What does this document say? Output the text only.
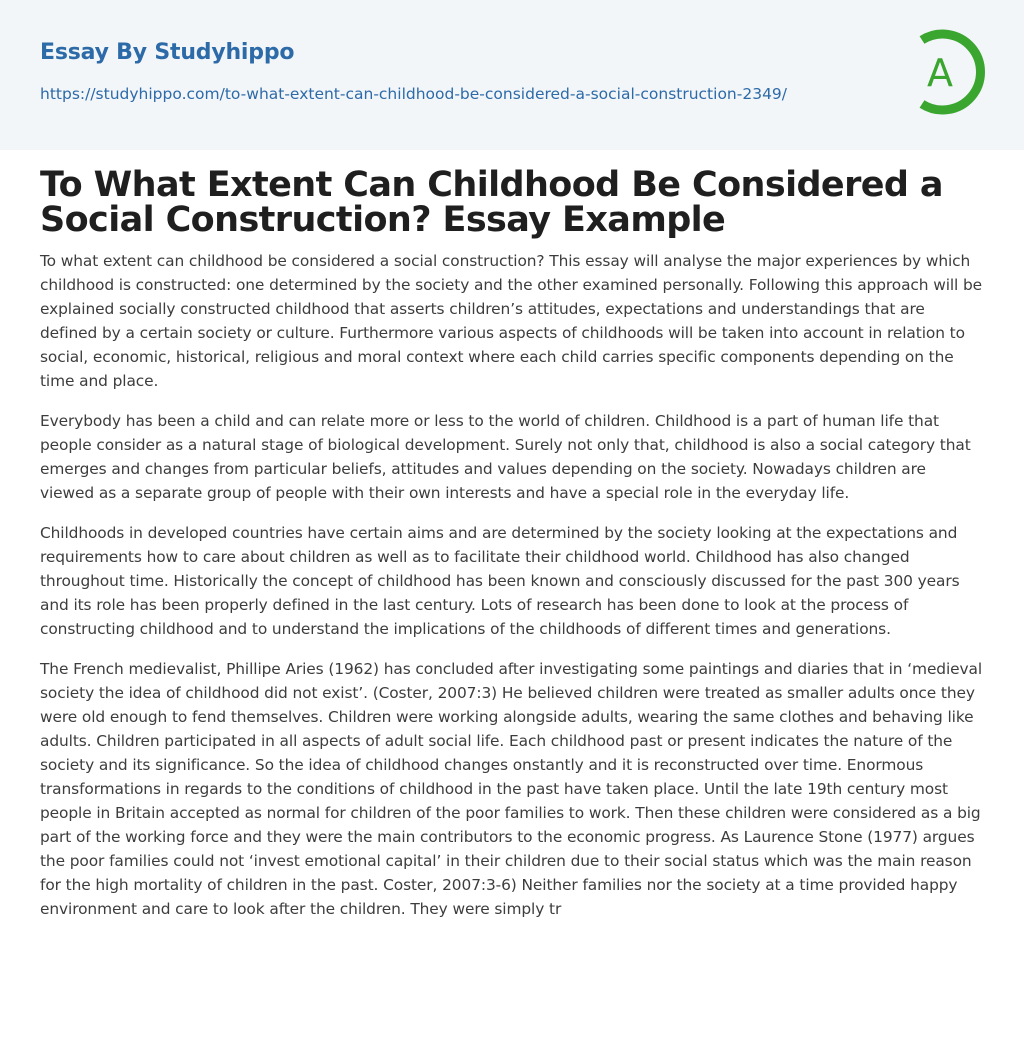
Essay By Studyhippo
https://studyhippo.com/to-what-extent-can-childhood-be-considered-a-social-construction-2349/	A
To What Extent Can Childhood Be Considered a Social Construction? Essay Example

To what extent can childhood be considered a social construction? This essay will analyse the major experiences by which childhood is constructed: one determined by the society and the other examined personally. Following this approach will be explained socially constructed childhood that asserts children’s attitudes, expectations and understandings that are defined by a certain society or culture. Furthermore various aspects of childhoods will be taken into account in relation to social, economic, historical, religious and moral context where each child carries specific components depending on the time and place.

Everybody has been a child and can relate more or less to the world of children. Childhood is a part of human life that people consider as a natural stage of biological development. Surely not only that, childhood is also a social category that emerges and changes from particular beliefs, attitudes and values depending on the society. Nowadays children are viewed as a separate group of people with their own interests and have a special role in the everyday life.

Childhoods in developed countries have certain aims and are determined by the society looking at the expectations and requirements how to care about children as well as to facilitate their childhood world. Childhood has also changed throughout time. Historically the concept of childhood has been known and consciously discussed for the past 300 years and its role has been properly defined in the last century. Lots of research has been done to look at the process of constructing childhood and to understand the implications of the childhoods of different times and generations.

The French medievalist, Phillipe Aries (1962) has concluded after investigating some paintings and diaries that in ‘medieval society the idea of childhood did not exist’. (Coster, 2007:3) He believed children were treated as smaller adults once they were old enough to fend themselves. Children were working alongside adults, wearing the same clothes and behaving like adults. Children participated in all aspects of adult social life. Each childhood past or present indicates the nature of the society and its significance. So the idea of childhood changes onstantly and it is reconstructed over time. Enormous transformations in regards to the conditions of childhood in the past have taken place. Until the late 19th century most people in Britain accepted as normal for children of the poor families to work. Then these children were considered as a big part of the working force and they were the main contributors to the economic progress. As Laurence Stone (1977) argues the poor families could not ‘invest emotional capital’ in their children due to their social status which was the main reason for the high mortality of children in the past. Coster, 2007:3-6) Neither families nor the society at a time provided happy environment and care to look after the children. They were simply tr
